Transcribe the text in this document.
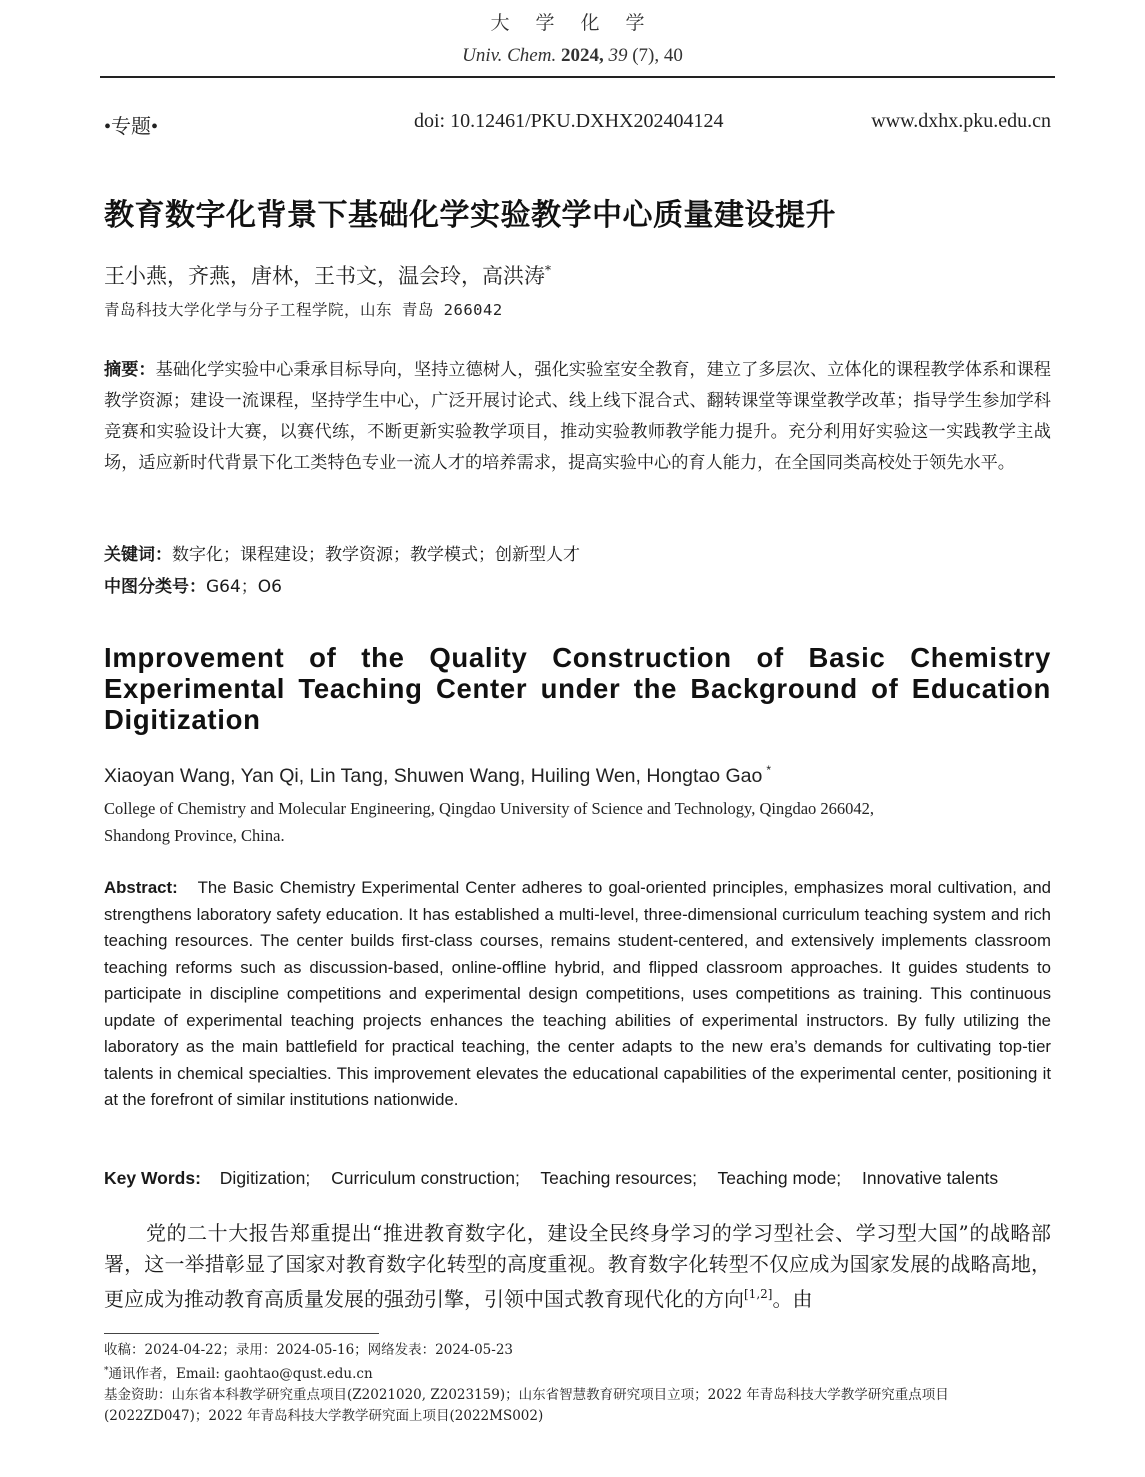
大 学 化 学
Univ. Chem. 2024, 39 (7), 40
•专题•	doi: 10.12461/PKU.DXHX202404124	www.dxhx.pku.edu.cn
教育数字化背景下基础化学实验教学中心质量建设提升
王小燕，齐燕，唐林，王书文，温会玲，高洪涛*
青岛科技大学化学与分子工程学院，山东 青岛 266042
摘要：基础化学实验中心秉承目标导向，坚持立德树人，强化实验室安全教育，建立了多层次、立体化的课程教学体系和课程教学资源；建设一流课程，坚持学生中心，广泛开展讨论式、线上线下混合式、翻转课堂等课堂教学改革；指导学生参加学科竞赛和实验设计大赛，以赛代练，不断更新实验教学项目，推动实验教师教学能力提升。充分利用好实验这一实践教学主战场，适应新时代背景下化工类特色专业一流人才的培养需求，提高实验中心的育人能力，在全国同类高校处于领先水平。
关键词：数字化；课程建设；教学资源；教学模式；创新型人才
中图分类号：G64；O6
Improvement of the Quality Construction of Basic Chemistry
Experimental Teaching Center under the Background of Education
Digitization
Xiaoyan Wang, Yan Qi, Lin Tang, Shuwen Wang, Huiling Wen, Hongtao Gao *
College of Chemistry and Molecular Engineering, Qingdao University of Science and Technology, Qingdao 266042,
Shandong Province, China.
Abstract: The Basic Chemistry Experimental Center adheres to goal-oriented principles, emphasizes moral cultivation, and strengthens laboratory safety education. It has established a multi-level, three-dimensional curriculum teaching system and rich teaching resources. The center builds first-class courses, remains student-centered, and extensively implements classroom teaching reforms such as discussion-based, online-offline hybrid, and flipped classroom approaches. It guides students to participate in discipline competitions and experimental design competitions, uses competitions as training. This continuous update of experimental teaching projects enhances the teaching abilities of experimental instructors. By fully utilizing the laboratory as the main battlefield for practical teaching, the center adapts to the new era’s demands for cultivating top-tier talents in chemical specialties. This improvement elevates the educational capabilities of the experimental center, positioning it at the forefront of similar institutions nationwide.
Key Words: Digitization; Curriculum construction; Teaching resources; Teaching mode; Innovative talents
党的二十大报告郑重提出“推进教育数字化，建设全民终身学习的学习型社会、学习型大国”的战略部署，这一举措彰显了国家对教育数字化转型的高度重视。教育数字化转型不仅应成为国家发展的战略高地，更应成为推动教育高质量发展的强劲引擎，引领中国式教育现代化的方向[1,2]。由
收稿：2024-04-22；录用：2024-05-16；网络发表：2024-05-23
*通讯作者，Email: gaohtao@qust.edu.cn
基金资助：山东省本科教学研究重点项目(Z2021020, Z2023159)；山东省智慧教育研究项目立项；2022 年青岛科技大学教学研究重点项目(2022ZD047)；2022 年青岛科技大学教学研究面上项目(2022MS002)
